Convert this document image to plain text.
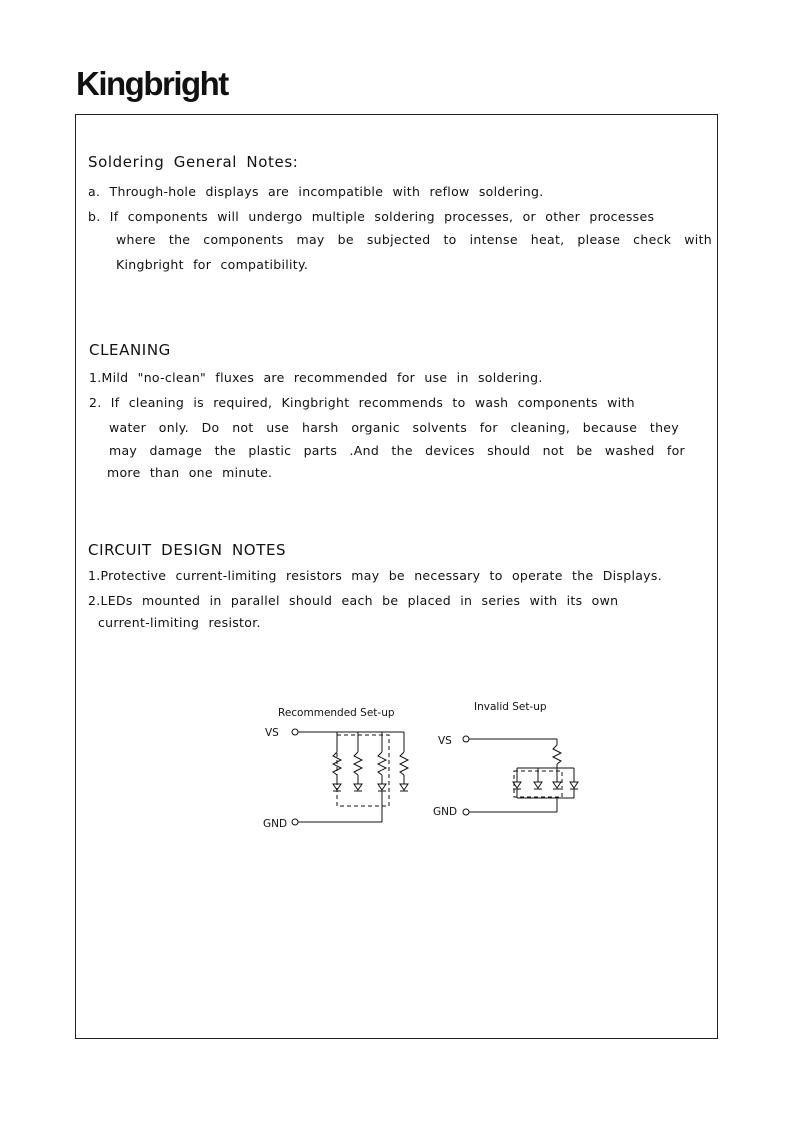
Kingbright
Soldering General Notes:
a. Through-hole displays are incompatible with reflow soldering.
b. If components will undergo multiple soldering processes, or other processes
where the components may be subjected to intense heat, please check with
Kingbright for compatibility.
CLEANING
1.Mild "no-clean" fluxes are recommended for use in soldering.
2. If cleaning is required, Kingbright recommends to wash components with
water only. Do not use harsh organic solvents for cleaning, because they
may damage the plastic parts .And the devices should not be washed for
more than one minute.
CIRCUIT DESIGN NOTES
1.Protective current-limiting resistors may be necessary to operate the Displays.
2.LEDs mounted in parallel should each be placed in series with its own
current-limiting resistor.
Recommended Set-up
VS
GND
Invalid Set-up
VS
GND
